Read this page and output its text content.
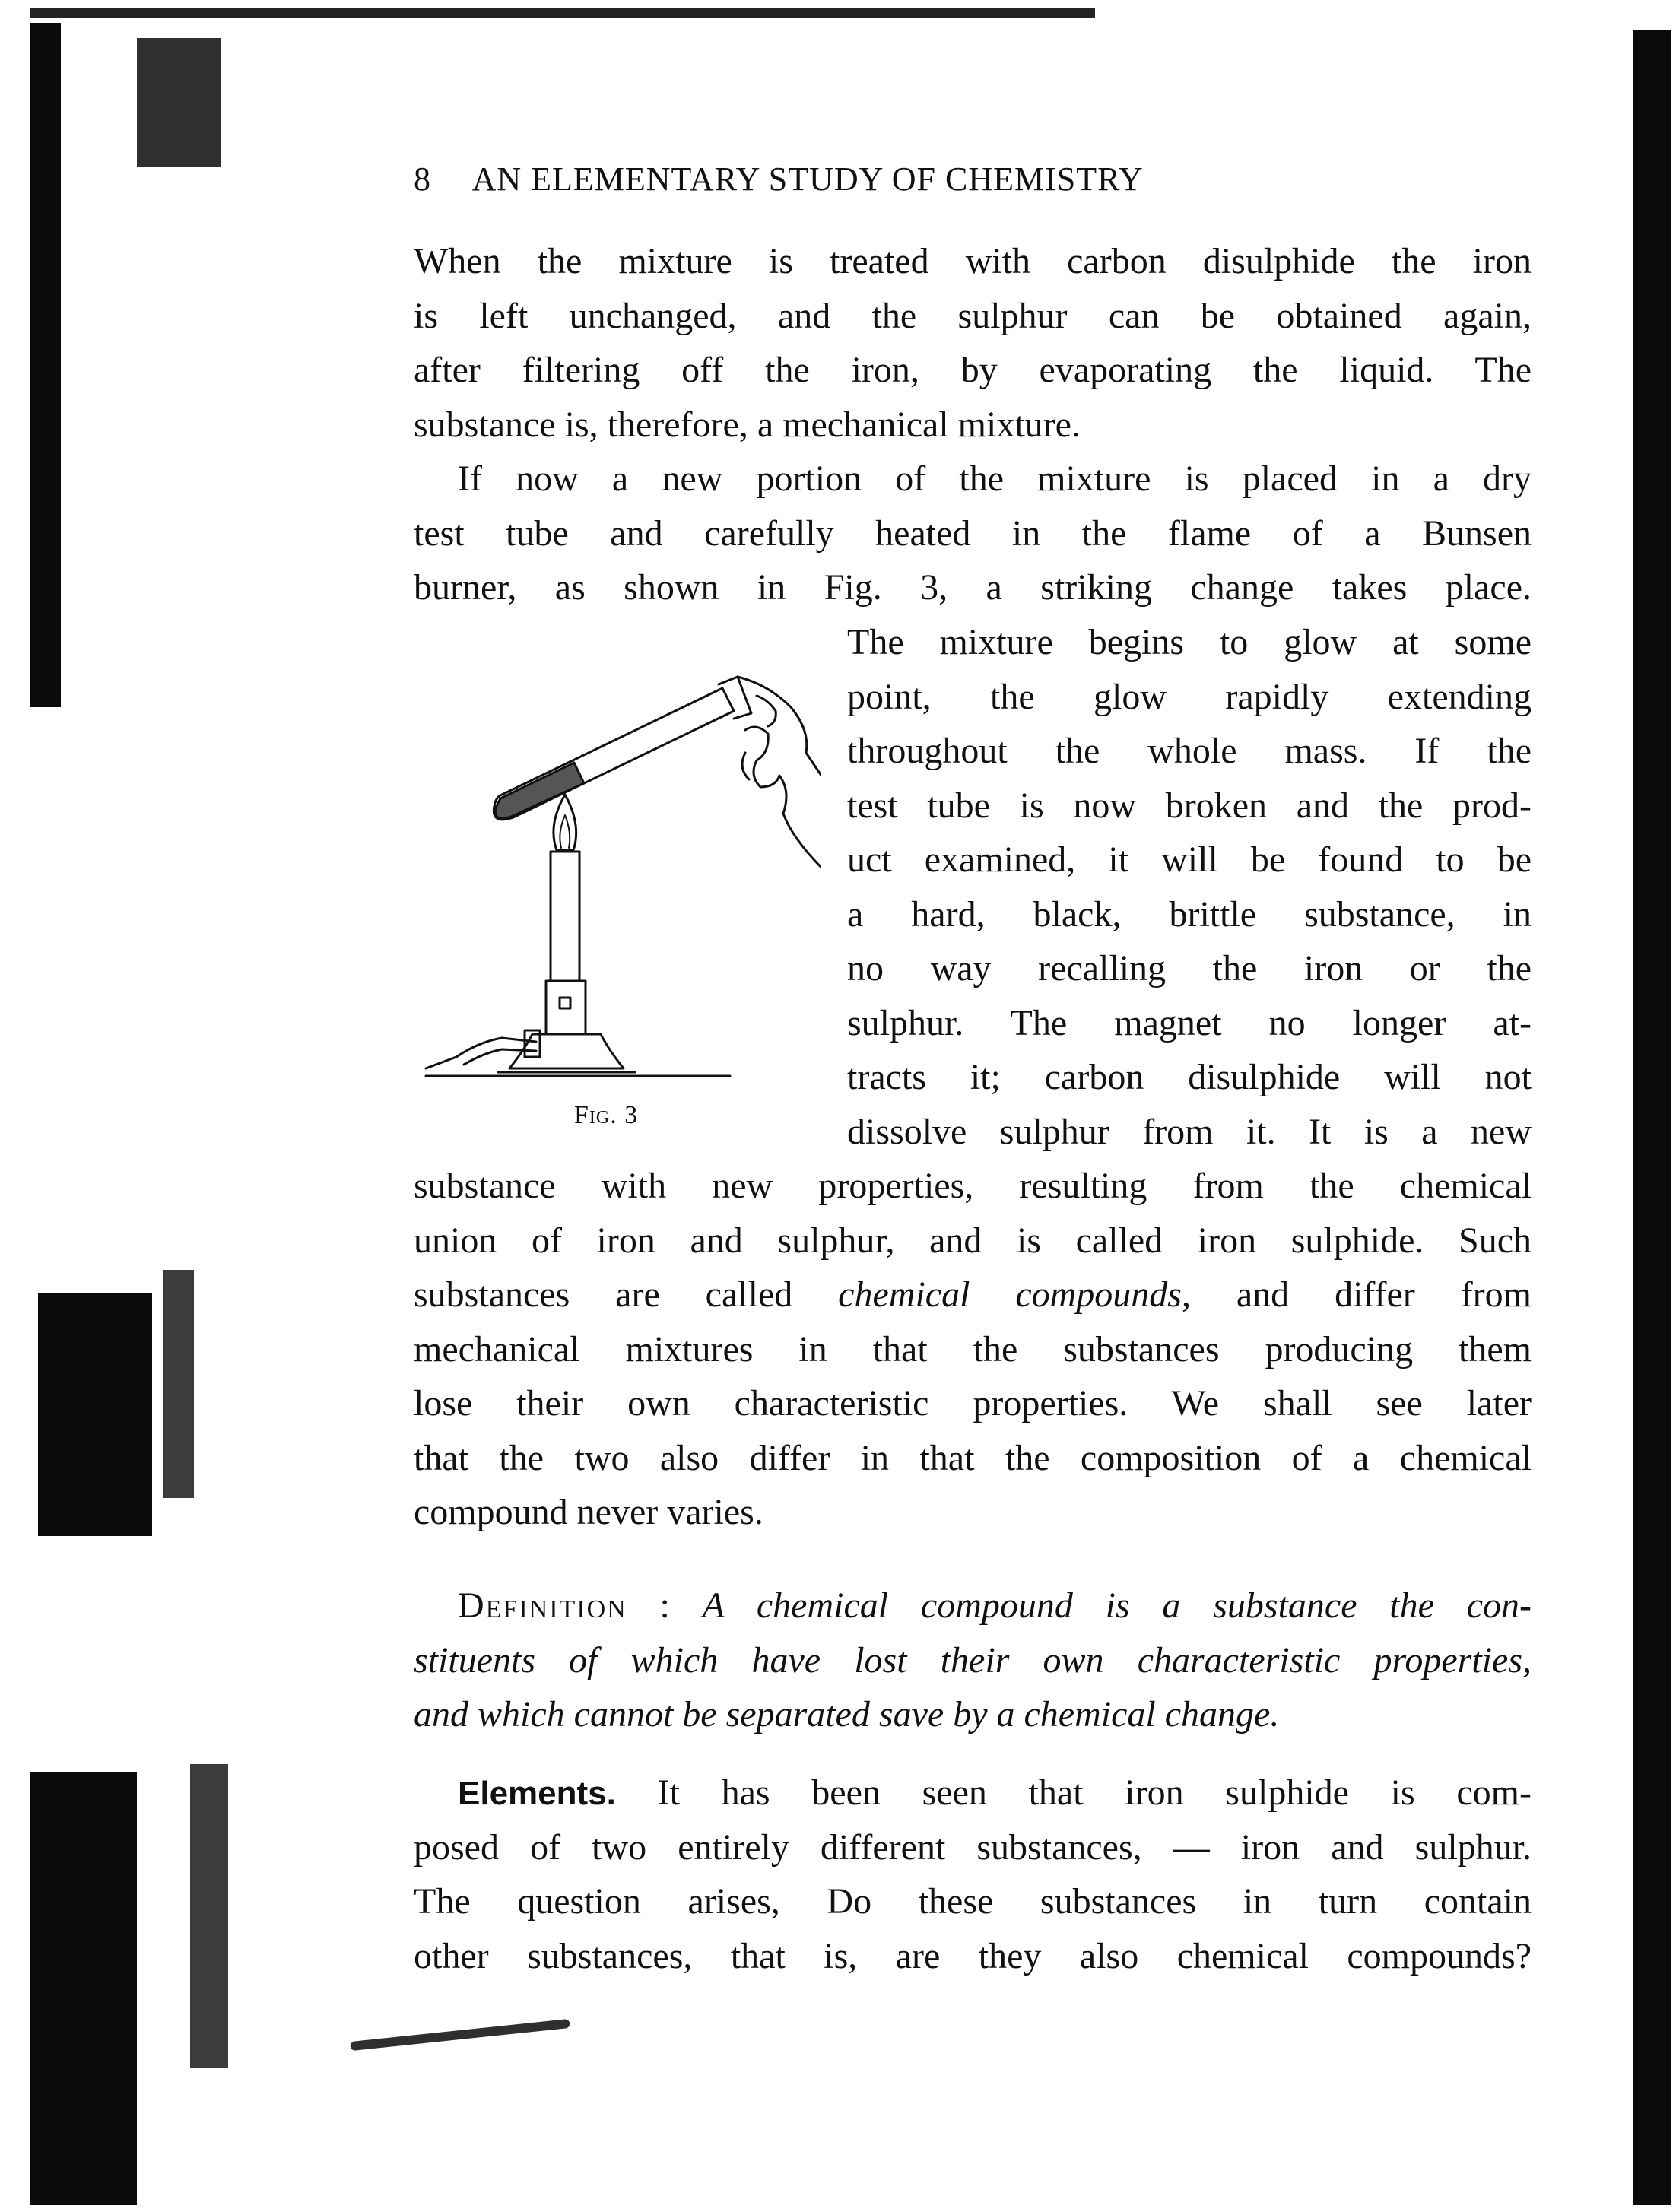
8 AN ELEMENTARY STUDY OF CHEMISTRY
When the mixture is treated with carbon disulphide the iron
is left unchanged, and the sulphur can be obtained again,
after filtering off the iron, by evaporating the liquid. The
substance is, therefore, a mechanical mixture.
If now a new portion of the mixture is placed in a dry
test tube and carefully heated in the flame of a Bunsen
burner, as shown in Fig. 3, a striking change takes place.
The mixture begins to glow at some
point, the glow rapidly extending
throughout the whole mass. If the
test tube is now broken and the prod-
uct examined, it will be found to be
a hard, black, brittle substance, in
no way recalling the iron or the
sulphur. The magnet no longer at-
tracts it; carbon disulphide will not
dissolve sulphur from it. It is a new
substance with new properties, resulting from the chemical
union of iron and sulphur, and is called iron sulphide. Such
substances are called chemical compounds, and differ from
mechanical mixtures in that the substances producing them
lose their own characteristic properties. We shall see later
that the two also differ in that the composition of a chemical
compound never varies.
Fig. 3
Definition : A chemical compound is a substance the con-
stituents of which have lost their own characteristic properties,
and which cannot be separated save by a chemical change.
Elements. It has been seen that iron sulphide is com-
posed of two entirely different substances, — iron and sulphur.
The question arises, Do these substances in turn contain
other substances, that is, are they also chemical compounds?
